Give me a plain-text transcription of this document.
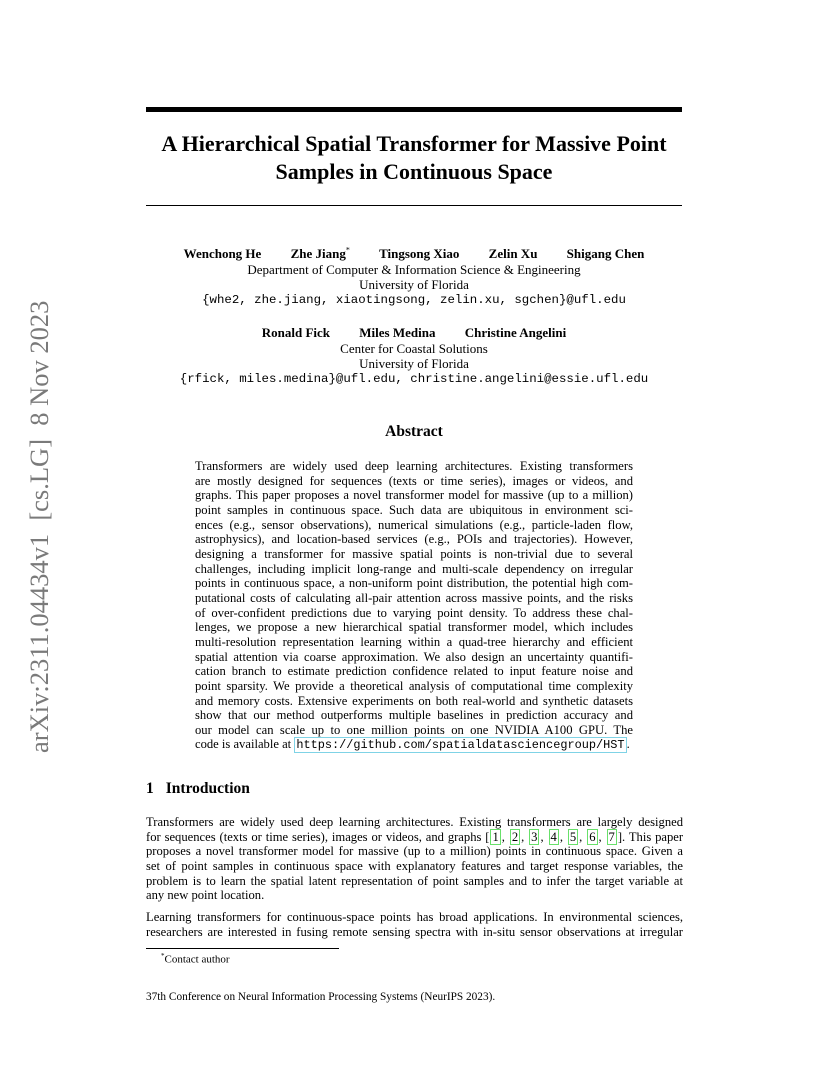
arXiv:2311.04434v1  [cs.LG]  8 Nov 2023
A Hierarchical Spatial Transformer for Massive Point
Samples in Continuous Space
Wenchong He Zhe Jiang* Tingsong Xiao Zelin Xu Shigang Chen
Department of Computer & Information Science & Engineering
University of Florida
{whe2, zhe.jiang, xiaotingsong, zelin.xu, sgchen}@ufl.edu
Ronald Fick Miles Medina Christine Angelini
Center for Coastal Solutions
University of Florida
{rfick, miles.medina}@ufl.edu, christine.angelini@essie.ufl.edu
Abstract
Transformers are widely used deep learning architectures. Existing transformers
are mostly designed for sequences (texts or time series), images or videos, and
graphs. This paper proposes a novel transformer model for massive (up to a million)
point samples in continuous space. Such data are ubiquitous in environment sci-
ences (e.g., sensor observations), numerical simulations (e.g., particle-laden flow,
astrophysics), and location-based services (e.g., POIs and trajectories). However,
designing a transformer for massive spatial points is non-trivial due to several
challenges, including implicit long-range and multi-scale dependency on irregular
points in continuous space, a non-uniform point distribution, the potential high com-
putational costs of calculating all-pair attention across massive points, and the risks
of over-confident predictions due to varying point density. To address these chal-
lenges, we propose a new hierarchical spatial transformer model, which includes
multi-resolution representation learning within a quad-tree hierarchy and efficient
spatial attention via coarse approximation. We also design an uncertainty quantifi-
cation branch to estimate prediction confidence related to input feature noise and
point sparsity. We provide a theoretical analysis of computational time complexity
and memory costs. Extensive experiments on both real-world and synthetic datasets
show that our method outperforms multiple baselines in prediction accuracy and
our model can scale up to one million points on one NVIDIA A100 GPU. The
code is available at https://github.com/spatialdatasciencegroup/HST .
1 Introduction
Transformers are widely used deep learning architectures. Existing transformers are largely designed
for sequences (texts or time series), images or videos, and graphs [ 1 , 2 , 3 , 4 , 5 , 6 , 7 ]. This paper
proposes a novel transformer model for massive (up to a million) points in continuous space. Given a
set of point samples in continuous space with explanatory features and target response variables, the
problem is to learn the spatial latent representation of point samples and to infer the target variable at
any new point location.
Learning transformers for continuous-space points has broad applications. In environmental sciences,
researchers are interested in fusing remote sensing spectra with in-situ sensor observations at irregular
*Contact author
37th Conference on Neural Information Processing Systems (NeurIPS 2023).
